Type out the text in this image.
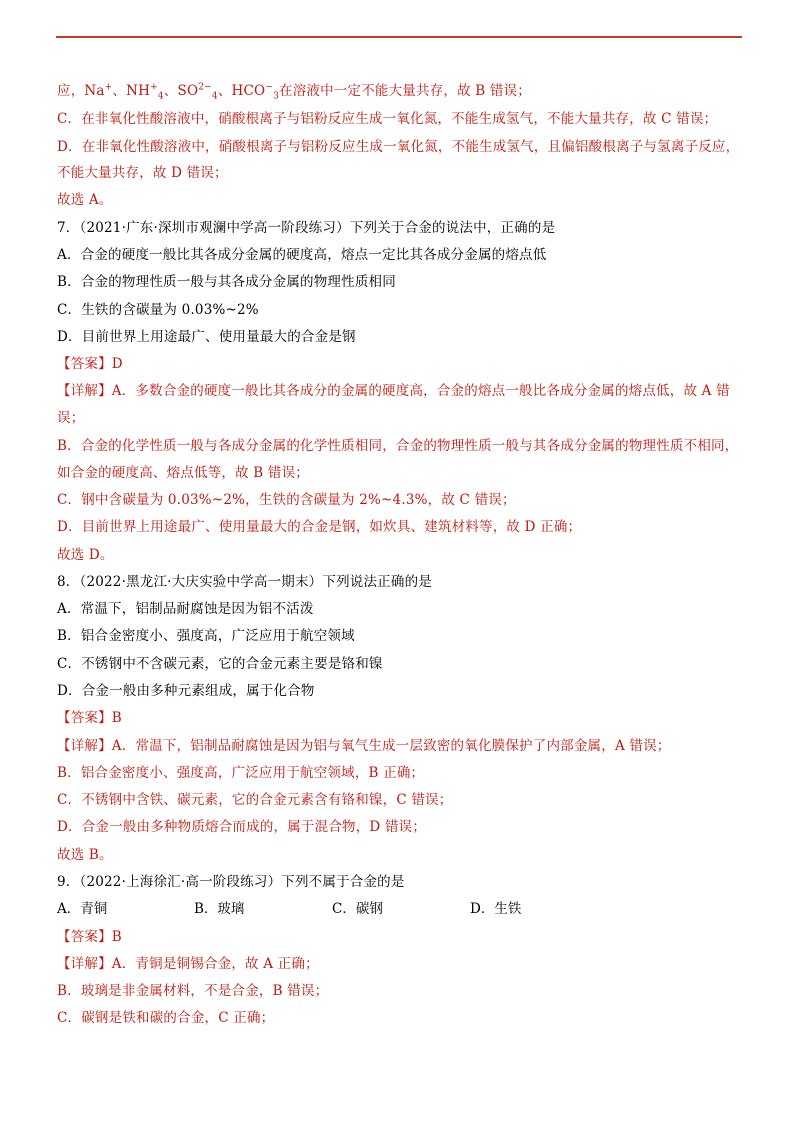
应，Na+、$NH^+_4$、$SO^{2-}_4$、$HCO^-_3$在溶液中一定不能大量共存，故 B 错误；
C．在非氧化性酸溶液中，硝酸根离子与铝粉反应生成一氧化氮，不能生成氢气，不能大量共存，故 C 错误；
D．在非氧化性酸溶液中，硝酸根离子与铝粉反应生成一氧化氮，不能生成氢气，且偏铝酸根离子与氢离子反应，
不能大量共存，故 D 错误；
故选 A。
7．（2021·广东·深圳市观澜中学高一阶段练习）下列关于合金的说法中，正确的是
A．合金的硬度一般比其各成分金属的硬度高，熔点一定比其各成分金属的熔点低
B．合金的物理性质一般与其各成分金属的物理性质相同
C．生铁的含碳量为 0.03%~2%
D．目前世界上用途最广、使用量最大的合金是钢
【答案】D
【详解】A．多数合金的硬度一般比其各成分的金属的硬度高，合金的熔点一般比各成分金属的熔点低，故 A 错
误；
B．合金的化学性质一般与各成分金属的化学性质相同，合金的物理性质一般与其各成分金属的物理性质不相同，
如合金的硬度高、熔点低等，故 B 错误；
C．钢中含碳量为 0.03%~2%，生铁的含碳量为 2%~4.3%，故 C 错误；
D．目前世界上用途最广、使用量最大的合金是钢，如炊具、建筑材料等，故 D 正确；
故选 D。
8．（2022·黑龙江·大庆实验中学高一期末）下列说法正确的是
A．常温下，铝制品耐腐蚀是因为铝不活泼
B．铝合金密度小、强度高，广泛应用于航空领域
C．不锈钢中不含碳元素，它的合金元素主要是铬和镍
D．合金一般由多种元素组成，属于化合物
【答案】B
【详解】A．常温下，铝制品耐腐蚀是因为铝与氧气生成一层致密的氧化膜保护了内部金属，A 错误；
B．铝合金密度小、强度高，广泛应用于航空领域，B 正确；
C．不锈钢中含铁、碳元素，它的合金元素含有铬和镍，C 错误；
D．合金一般由多种物质熔合而成的，属于混合物，D 错误；
故选 B。
9．（2022·上海徐汇·高一阶段练习）下列不属于合金的是
A．青铜	B．玻璃	C．碳钢	D．生铁
【答案】B
【详解】A．青铜是铜锡合金，故 A 正确；
B．玻璃是非金属材料，不是合金，B 错误；
C．碳钢是铁和碳的合金，C 正确；
